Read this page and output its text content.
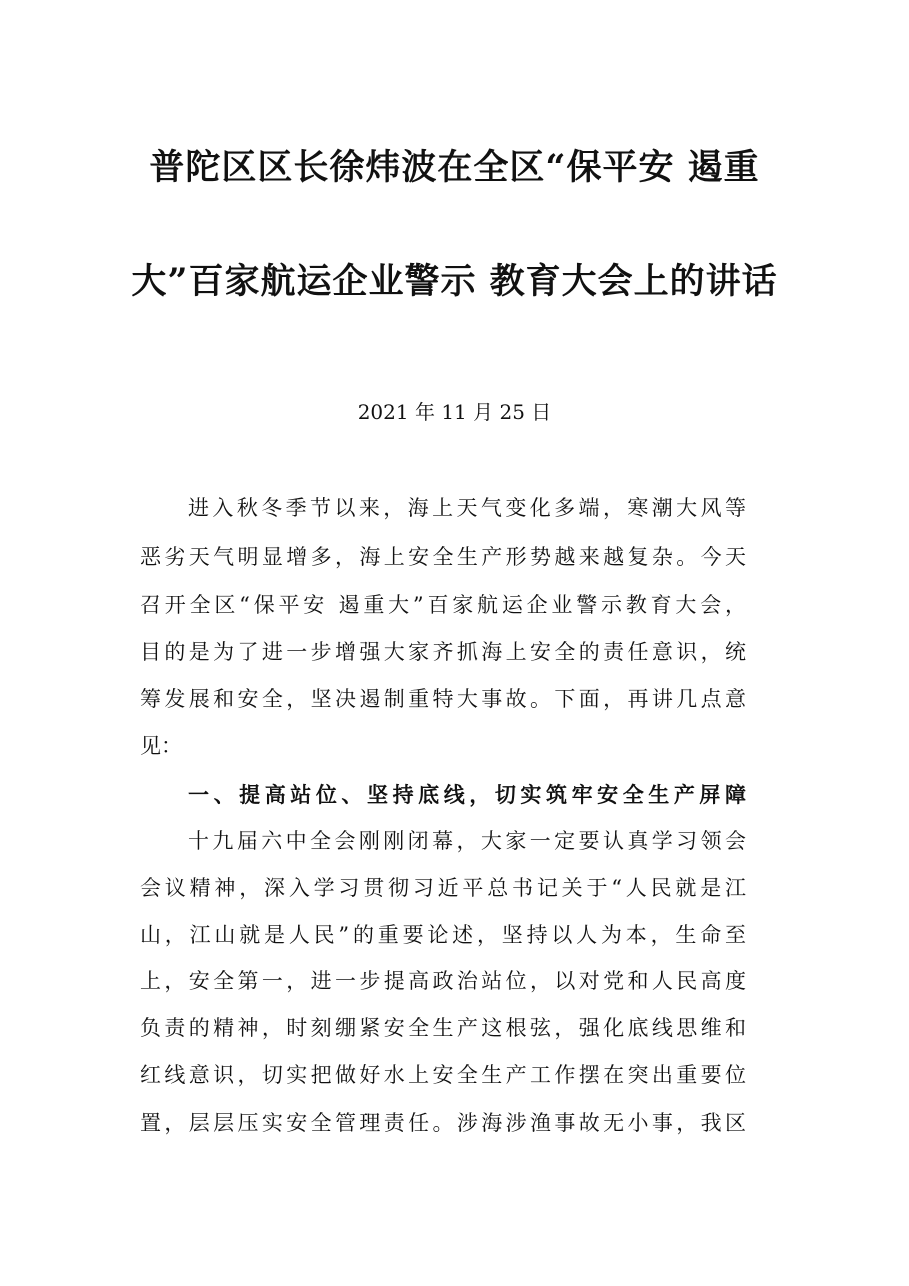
普陀区区长徐炜波在全区“保平安 遏重
大”百家航运企业警示 教育大会上的讲话
2021 年 11 月 25 日
进入秋冬季节以来，海上天气变化多端，寒潮大风等
恶劣天气明显增多，海上安全生产形势越来越复杂。今天
召开全区“保平安 遏重大”百家航运企业警示教育大会，
目的是为了进一步增强大家齐抓海上安全的责任意识，统
筹发展和安全，坚决遏制重特大事故。下面，再讲几点意
见：
一、提高站位、坚持底线，切实筑牢安全生产屏障
十九届六中全会刚刚闭幕，大家一定要认真学习领会
会议精神，深入学习贯彻习近平总书记关于“人民就是江
山，江山就是人民”的重要论述，坚持以人为本，生命至
上，安全第一，进一步提高政治站位，以对党和人民高度
负责的精神，时刻绷紧安全生产这根弦，强化底线思维和
红线意识，切实把做好水上安全生产工作摆在突出重要位
置，层层压实安全管理责任。涉海涉渔事故无小事，我区
